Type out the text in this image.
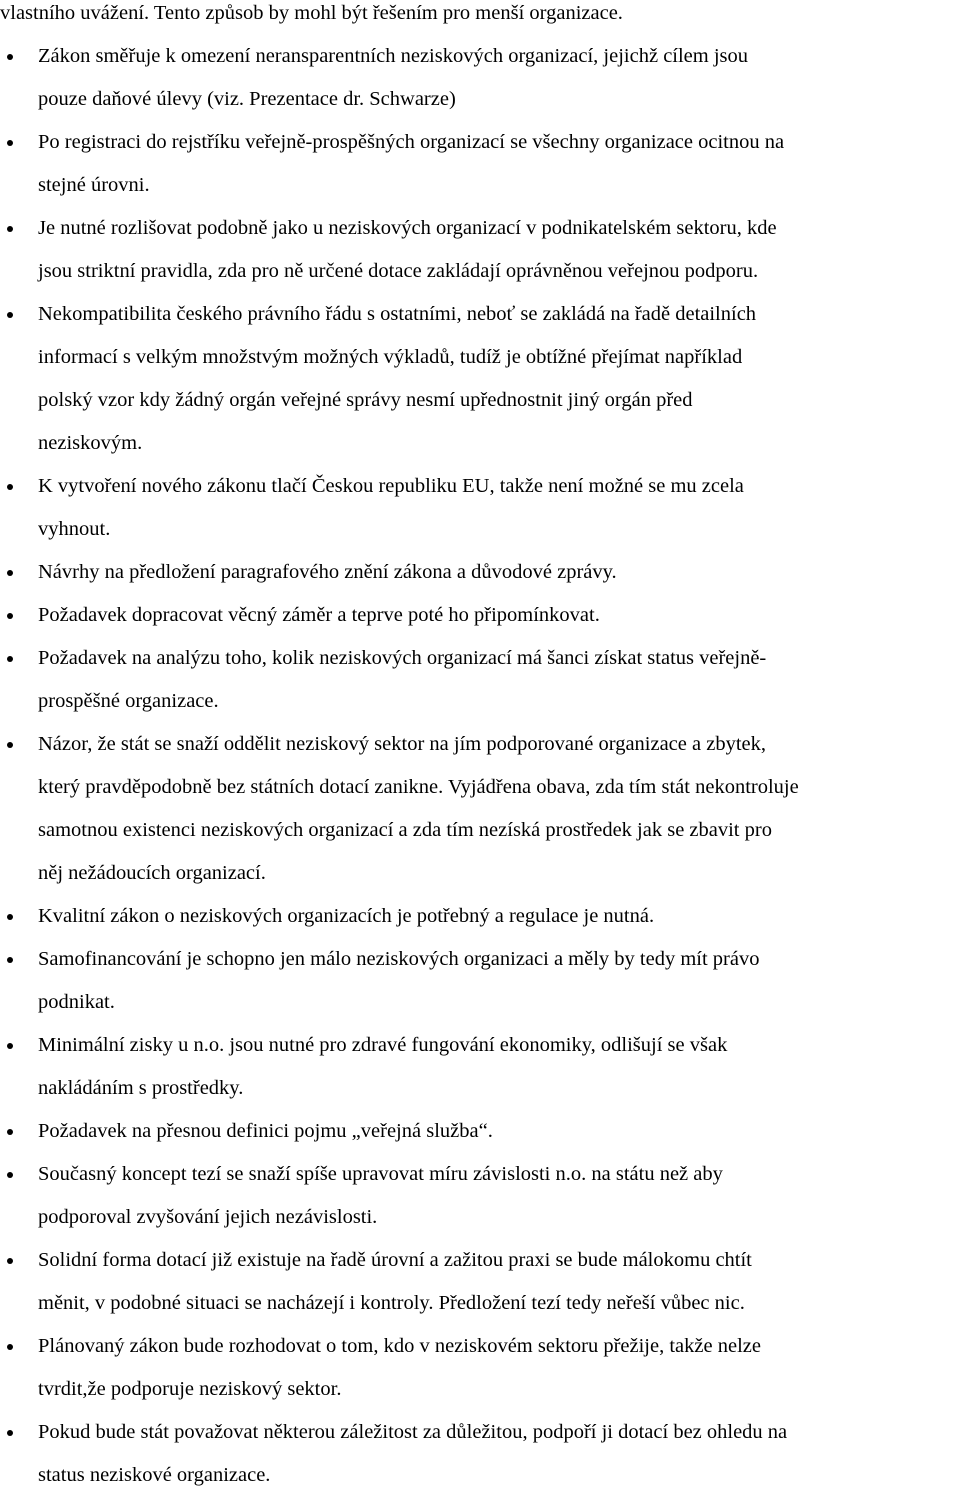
vlastního uvážení. Tento způsob by mohl být řešením pro menší organizace.
Zákon směřuje k omezení neransparentních neziskových organizací, jejichž cílem jsou
pouze daňové úlevy (viz. Prezentace dr. Schwarze)
Po registraci do rejstříku veřejně-prospěšných organizací se všechny organizace ocitnou na
stejné úrovni.
Je nutné rozlišovat podobně jako u neziskových organizací v podnikatelském sektoru, kde
jsou striktní pravidla, zda pro ně určené dotace zakládají oprávněnou veřejnou podporu.
Nekompatibilita českého právního řádu s ostatními, neboť se zakládá na řadě detailních
informací s velkým množstvým možných výkladů, tudíž je obtížné přejímat například
polský vzor kdy žádný orgán veřejné správy nesmí upřednostnit jiný orgán před
neziskovým.
K vytvoření nového zákonu tlačí Českou republiku EU, takže není možné se mu zcela
vyhnout.
Návrhy na předložení paragrafového znění zákona a důvodové zprávy.
Požadavek dopracovat věcný záměr a teprve poté ho připomínkovat.
Požadavek na analýzu toho, kolik neziskových organizací má šanci získat status veřejně-
prospěšné organizace.
Názor, že stát se snaží oddělit neziskový sektor na jím podporované organizace a zbytek,
který pravděpodobně bez státních dotací zanikne. Vyjádřena obava, zda tím stát nekontroluje
samotnou existenci neziskových organizací a zda tím nezíská prostředek jak se zbavit pro
něj nežádoucích organizací.
Kvalitní zákon o neziskových organizacích je potřebný a regulace je nutná.
Samofinancování je schopno jen málo neziskových organizaci a měly by tedy mít právo
podnikat.
Minimální zisky u n.o. jsou nutné pro zdravé fungování ekonomiky, odlišují se však
nakládáním s prostředky.
Požadavek na přesnou definici pojmu „veřejná služba“.
Současný koncept tezí se snaží spíše upravovat míru závislosti n.o. na státu než aby
podporoval zvyšování jejich nezávislosti.
Solidní forma dotací již existuje na řadě úrovní a zažitou praxi se bude málokomu chtít
měnit, v podobné situaci se nacházejí i kontroly. Předložení tezí tedy neřeší vůbec nic.
Plánovaný zákon bude rozhodovat o tom, kdo v neziskovém sektoru přežije, takže nelze
tvrdit,že podporuje neziskový sektor.
Pokud bude stát považovat některou záležitost za důležitou, podpoří ji dotací bez ohledu na
status neziskové organizace.
